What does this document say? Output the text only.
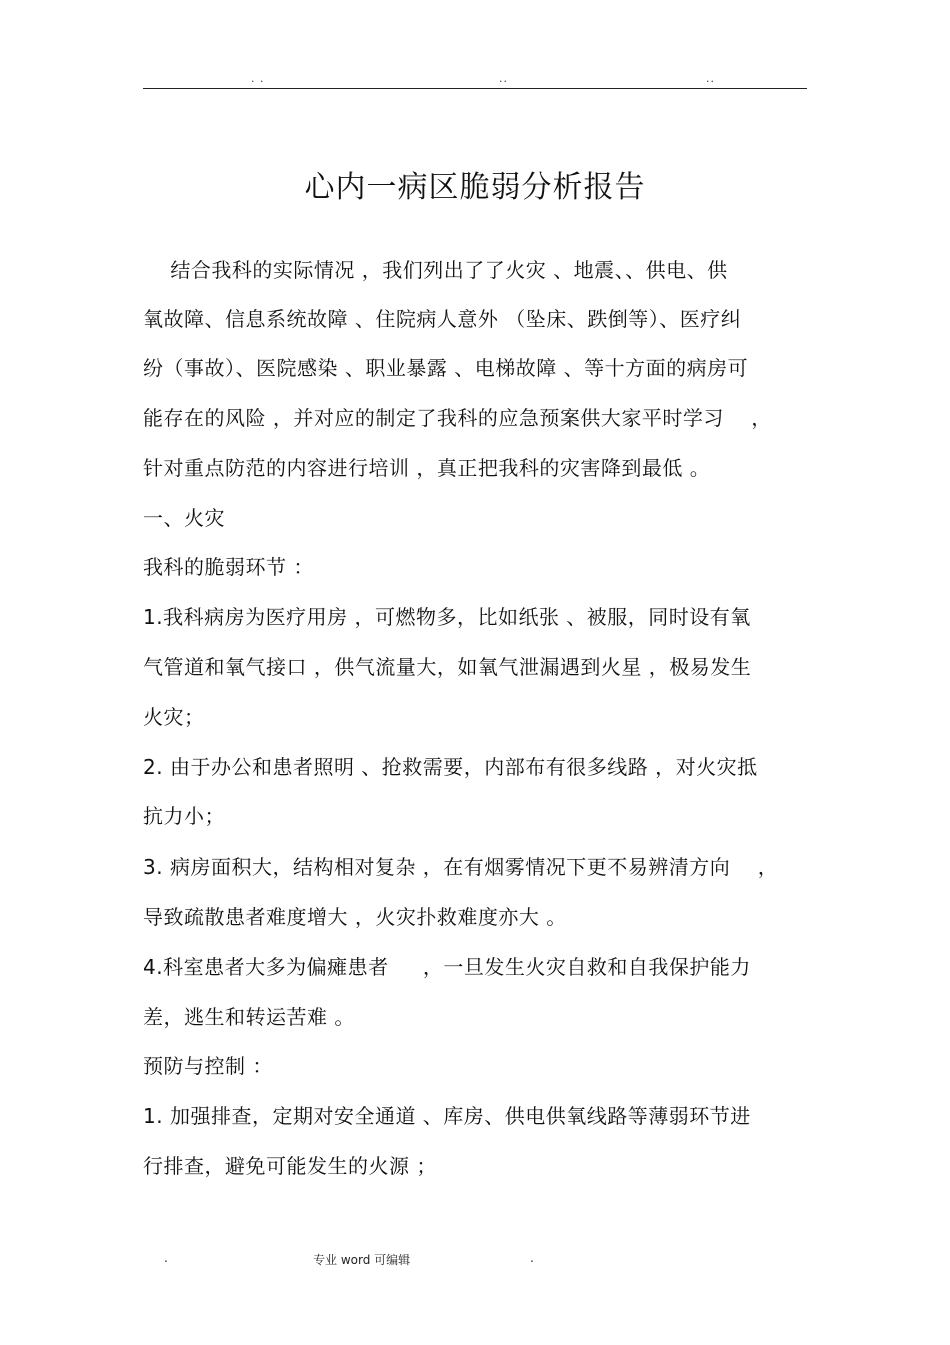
. .	..	..
心内一病区脆弱分析报告
结合我科的实际情况 ，我们列出了了火灾 、地震、、供电、供
氧故障、信息系统故障 、住院病人意外 （坠床、跌倒等）、医疗纠
纷（事故）、医院感染 、职业暴露 、电梯故障 、等十方面的病房可
能存在的风险 ，并对应的制定了我科的应急预案供大家平时学习    ，
针对重点防范的内容进行培训 ，真正把我科的灾害降到最低 。
一、火灾
我科的脆弱环节 ：
1.我科病房为医疗用房 ，可燃物多，比如纸张 、被服，同时设有氧
气管道和氧气接口 ，供气流量大，如氧气泄漏遇到火星 ，极易发生
火灾；
2. 由于办公和患者照明 、抢救需要，内部布有很多线路 ，对火灾抵
抗力小；
3. 病房面积大，结构相对复杂 ，在有烟雾情况下更不易辨清方向    ，
导致疏散患者难度增大 ，火灾扑救难度亦大 。
4.科室患者大多为偏瘫患者     ，一旦发生火灾自救和自我保护能力
差，逃生和转运苦难 。
预防与控制 ：
1. 加强排查，定期对安全通道 、库房、供电供氧线路等薄弱环节进
行排查，避免可能发生的火源 ；
.	专业 word 可编辑	.
